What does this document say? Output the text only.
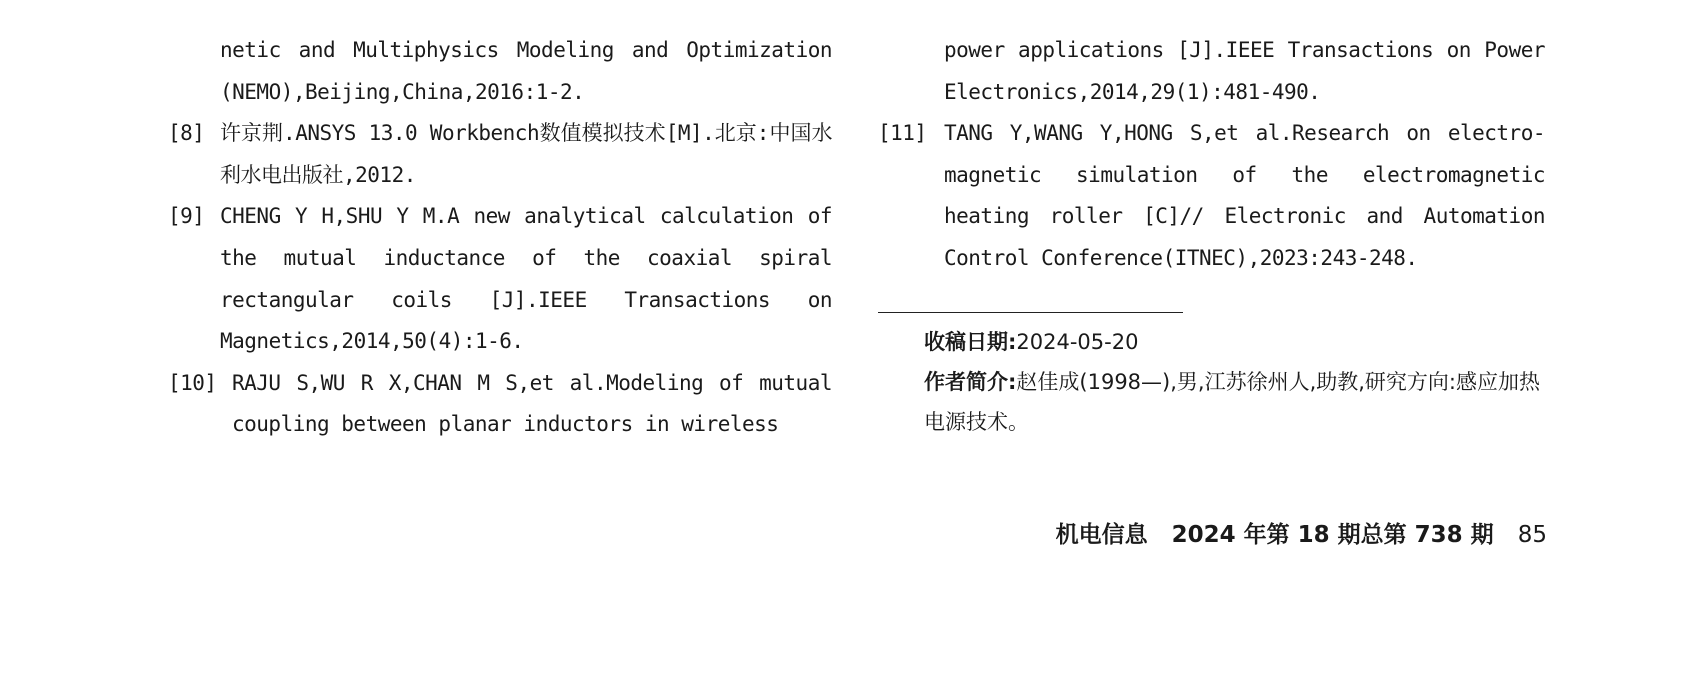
netic and Multiphysics Modeling and Optimization (NEMO),Beijing,China,2016:1-2.
[8] 许京荆.ANSYS 13.0 Workbench数值模拟技术[M].北京:中国水利水电出版社,2012.
[9] CHENG Y H,SHU Y M.A new analytical calculation of the mutual inductance of the coaxial spiral rectangular coils [J].IEEE Transactions on Magnetics,2014,50(4):1-6.
[10] RAJU S,WU R X,CHAN M S,et al.Modeling of mutual coupling between planar inductors in wireless
power applications [J].IEEE Transactions on Power Electronics,2014,29(1):481-490.
[11] TANG Y,WANG Y,HONG S,et al.Research on electro-magnetic simulation of the electromagnetic heating roller [C]// Electronic and Automation Control Conference(ITNEC),2023:243-248.
收稿日期:2024-05-20
作者简介:赵佳成(1998—),男,江苏徐州人,助教,研究方向:感应加热电源技术。
机电信息 2024 年第 18 期总第 738 期 85
